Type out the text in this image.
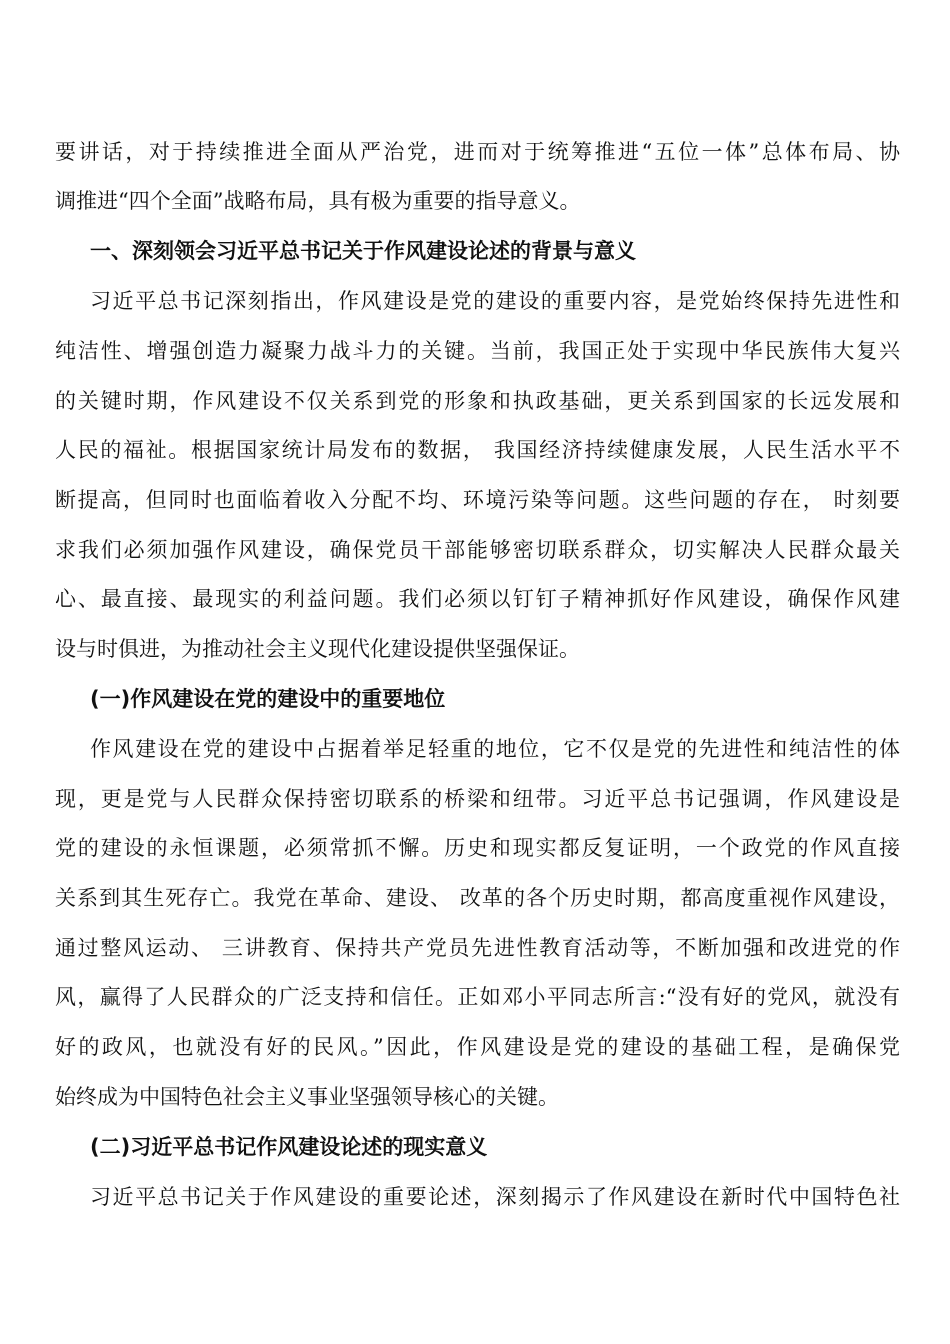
要讲话，对于持续推进全面从严治党，进而对于统筹推进“五位一体”总体布局、协
调推进“四个全面”战略布局，具有极为重要的指导意义。
一、深刻领会习近平总书记关于作风建设论述的背景与意义
习近平总书记深刻指出，作风建设是党的建设的重要内容，是党始终保持先进性和
纯洁性、增强创造力凝聚力战斗力的关键。当前，我国正处于实现中华民族伟大复兴
的关键时期，作风建设不仅关系到党的形象和执政基础，更关系到国家的长远发展和
人民的福祉。根据国家统计局发布的数据， 我国经济持续健康发展，人民生活水平不
断提高，但同时也面临着收入分配不均、环境污染等问题。这些问题的存在， 时刻要
求我们必须加强作风建设，确保党员干部能够密切联系群众，切实解决人民群众最关
心、最直接、最现实的利益问题。我们必须以钉钉子精神抓好作风建设，确保作风建
设与时俱进，为推动社会主义现代化建设提供坚强保证。
(一)作风建设在党的建设中的重要地位
作风建设在党的建设中占据着举足轻重的地位，它不仅是党的先进性和纯洁性的体
现，更是党与人民群众保持密切联系的桥梁和纽带。习近平总书记强调，作风建设是
党的建设的永恒课题，必须常抓不懈。历史和现实都反复证明，一个政党的作风直接
关系到其生死存亡。我党在革命、建设、 改革的各个历史时期，都高度重视作风建设，
通过整风运动、 三讲教育、保持共产党员先进性教育活动等，不断加强和改进党的作
风，赢得了人民群众的广泛支持和信任。正如邓小平同志所言:“没有好的党风，就没有
好的政风，也就没有好的民风。”因此，作风建设是党的建设的基础工程，是确保党
始终成为中国特色社会主义事业坚强领导核心的关键。
(二)习近平总书记作风建设论述的现实意义
习近平总书记关于作风建设的重要论述，深刻揭示了作风建设在新时代中国特色社
